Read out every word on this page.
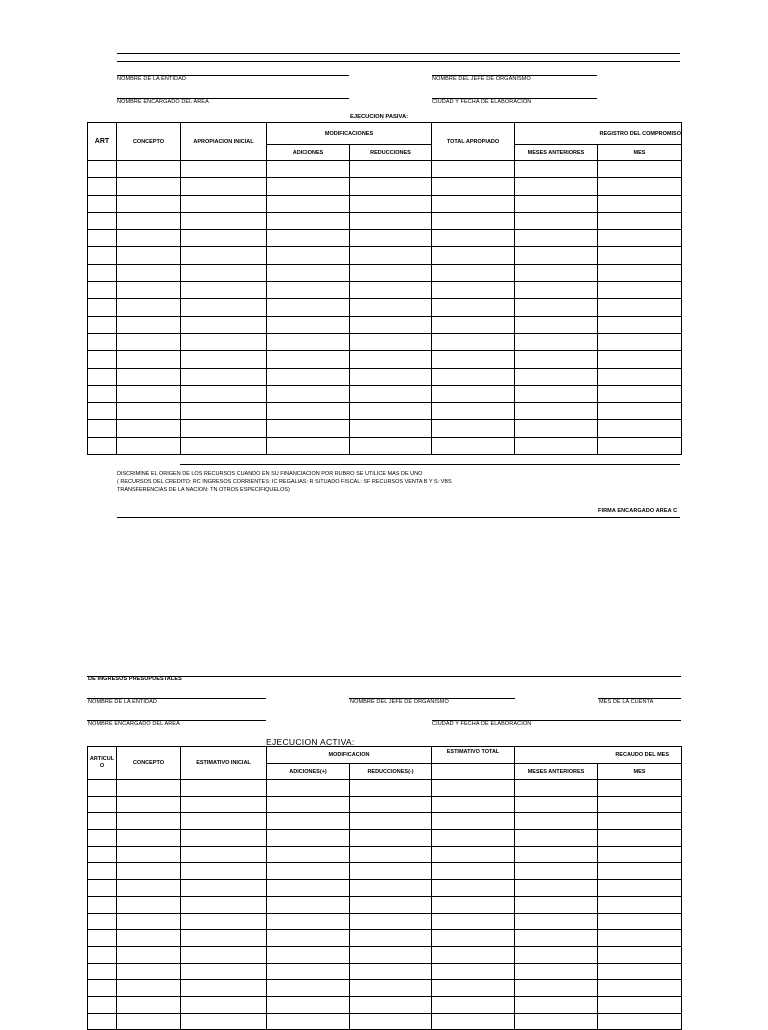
NOMBRE DE LA ENTIDAD	NOMBRE DEL JEFE DE ORGANISMO
NOMBRE ENCARGADO DEL AREA	CIUDAD Y FECHA DE ELABORACION
EJECUCION PASIVA:
ART	CONCEPTO	APROPIACION INICIAL	MODIFICACIONES		TOTAL APROPIADO	REGISTRO DEL COMPROMISO	
			ADICIONES	REDUCCIONES		MESES ANTERIORES	MES

DISCRIMINE EL ORIGEN DE LOS RECURSOS CUANDO EN SU FINANCIACION POR RUBRO SE UTILICE MAS DE UNO
( RECURSOS DEL CREDITO: RC INGRESOS CORRIENTES: IC REGALIAS: R SITUADO FISCAL: SF RECURSOS VENTA B Y S: VBS
TRANSFERENCIAS DE LA NACION: TN OTROS ESPECIFIQUELOS)
FIRMA ENCARGADO AREA C
DE INGRESOS PRESUPUESTALES
NOMBRE DE LA ENTIDAD	NOMBRE DEL JEFE DE ORGANISMO	MES DE LA CUENTA
NOMBRE ENCARGADO DEL AREA	CIUDAD Y FECHA DE ELABORACION
EJECUCION ACTIVA:
ARTICUL O	CONCEPTO	ESTIMATIVO INICIAL	MODIFICACION		ESTIMATIVO TOTAL	RECAUDO DEL MES	
			ADICIONES(+)	REDUCCIONES(-)		MESES ANTERIORES	MES
